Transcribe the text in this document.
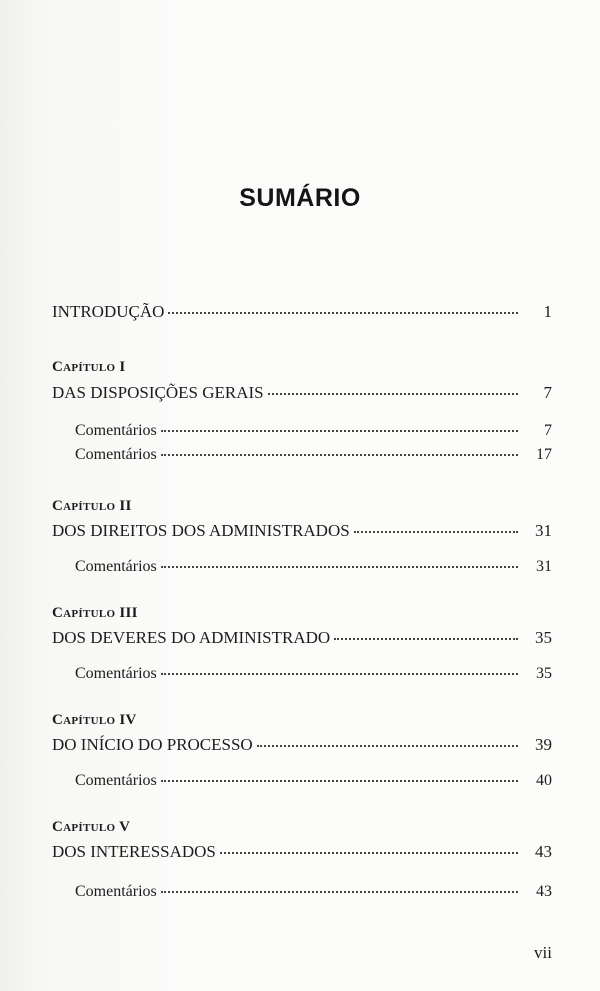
SUMÁRIO
INTRODUÇÃO	1
Capítulo I
DAS DISPOSIÇÕES GERAIS	7
Comentários	7
Comentários	17
Capítulo II
DOS DIREITOS DOS ADMINISTRADOS	31
Comentários	31
Capítulo III
DOS DEVERES DO ADMINISTRADO	35
Comentários	35
Capítulo IV
DO INÍCIO DO PROCESSO	39
Comentários	40
Capítulo V
DOS INTERESSADOS	43
Comentários	43
vii
